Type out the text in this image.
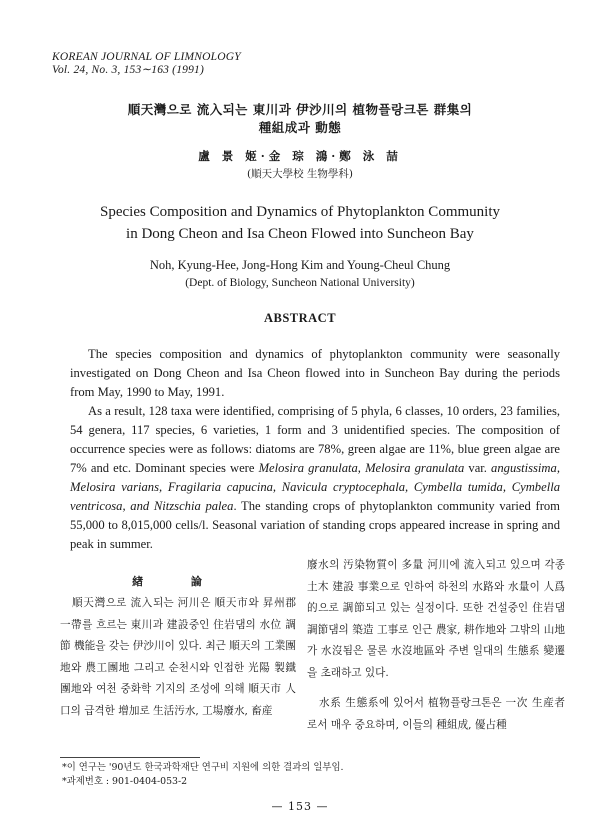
KOREAN JOURNAL OF LIMNOLOGY
Vol. 24, No. 3, 153∼163 (1991)
順天灣으로 流入되는 東川과 伊沙川의 植物플랑크톤 群集의
種組成과 動態
盧 景 姬·金 琮 鴻·鄭 泳 喆
(順天大學校 生物學科)
Species Composition and Dynamics of Phytoplankton Community
in Dong Cheon and Isa Cheon Flowed into Suncheon Bay
Noh, Kyung-Hee, Jong-Hong Kim and Young-Cheul Chung
(Dept. of Biology, Suncheon National University)
ABSTRACT

The species composition and dynamics of phytoplankton community were seasonally investigated on Dong Cheon and Isa Cheon flowed into in Suncheon Bay during the periods from May, 1990 to May, 1991.

As a result, 128 taxa were identified, comprising of 5 phyla, 6 classes, 10 orders, 23 families, 54 genera, 117 species, 6 varieties, 1 form and 3 unidentified species. The composition of occurrence species were as follows: diatoms are 78%, green algae are 11%, blue green algae are 7% and etc. Dominant species were Melosira granulata, Melosira granulata var. angustissima, Melosira varians, Fragilaria capucina, Navicula cryptocephala, Cymbella tumida, Cymbella ventricosa, and Nitzschia palea. The standing crops of phytoplankton community varied from 55,000 to 8,015,000 cells/l. Seasonal variation of standing crops appeared increase in spring and peak in summer.

緖 論

順天灣으로 流入되는 河川은 順天市와 昇州郡 一帶를 흐르는 東川과 建設중인 住岩댐의 水位 調節 機能을 갖는 伊沙川이 있다. 최근 順天의 工業團地와 農工團地 그리고 순천시와 인접한 光陽 製鐵團地와 여천 중화학 기지의 조성에 의해 順天市 人口의 급격한 增加로 生活汚水, 工場廢水, 畜産

廢水의 汚染物質이 多量 河川에 流入되고 있으며 각종 土木 建設 事業으로 인하여 하천의 水路와 水量이 人爲的으로 調節되고 있는 실정이다. 또한 건설중인 住岩댐 調節댐의 築造 工事로 인근 農家, 耕作地와 그밖의 山地가 水沒됨은 물론 水沒地區와 주변 일대의 生態系 變遷을 초래하고 있다.

水系 生態系에 있어서 植物플랑크톤은 一次 生産者로서 매우 중요하며, 이들의 種組成, 優占種

*이 연구는 '90년도 한국과학재단 연구비 지원에 의한 결과의 일부임.
*과제번호 : 901-0404-053-2
— 153 —
